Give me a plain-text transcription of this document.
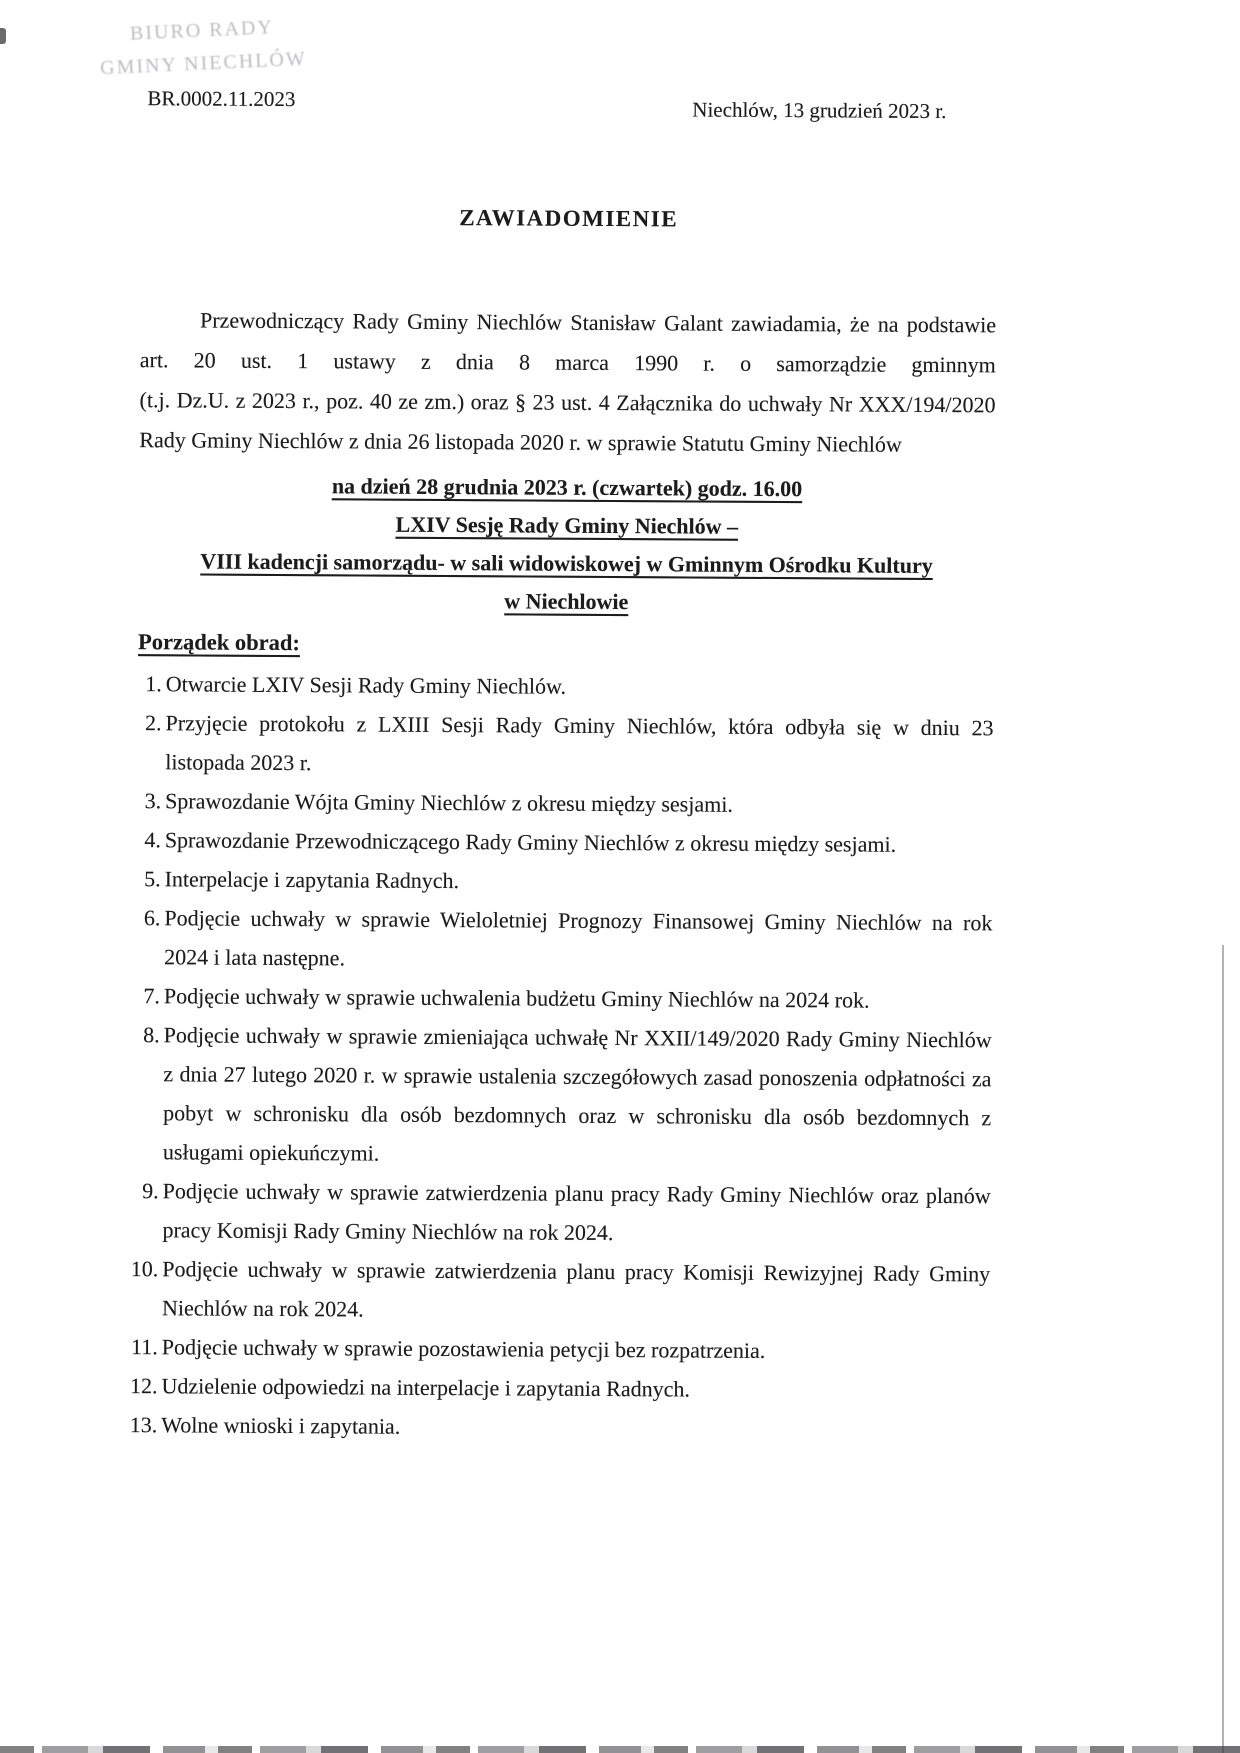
BIURO RADY
GMINY NIECHLÓW
BR.0002.11.2023	Niechlów, 13 grudzień 2023 r.
ZAWIADOMIENIE
Przewodniczący Rady Gminy Niechlów Stanisław Galant zawiadamia, że na podstawie
art. 20 ust. 1 ustawy z dnia 8 marca 1990 r. o samorządzie gminnym
(t.j. Dz.U. z 2023 r., poz. 40 ze zm.) oraz § 23 ust. 4 Załącznika do uchwały Nr XXX/194/2020
Rady Gminy Niechlów z dnia 26 listopada 2020 r. w sprawie Statutu Gminy Niechlów
na dzień 28 grudnia 2023 r. (czwartek) godz. 16.00
LXIV Sesję Rady Gminy Niechlów –
VIII kadencji samorządu- w sali widowiskowej w Gminnym Ośrodku Kultury
w Niechlowie
Porządek obrad:
1. Otwarcie LXIV Sesji Rady Gminy Niechlów.
2. Przyjęcie protokołu z LXIII Sesji Rady Gminy Niechlów, która odbyła się w dniu 23 listopada 2023 r.
3. Sprawozdanie Wójta Gminy Niechlów z okresu między sesjami.
4. Sprawozdanie Przewodniczącego Rady Gminy Niechlów z okresu między sesjami.
5. Interpelacje i zapytania Radnych.
6. Podjęcie uchwały w sprawie Wieloletniej Prognozy Finansowej Gminy Niechlów na rok 2024 i lata następne.
7. Podjęcie uchwały w sprawie uchwalenia budżetu Gminy Niechlów na 2024 rok.
8. Podjęcie uchwały w sprawie zmieniająca uchwałę Nr XXII/149/2020 Rady Gminy Niechlów z dnia 27 lutego 2020 r. w sprawie ustalenia szczegółowych zasad ponoszenia odpłatności za pobyt w schronisku dla osób bezdomnych oraz w schronisku dla osób bezdomnych z usługami opiekuńczymi.
9. Podjęcie uchwały w sprawie zatwierdzenia planu pracy Rady Gminy Niechlów oraz planów pracy Komisji Rady Gminy Niechlów na rok 2024.
10. Podjęcie uchwały w sprawie zatwierdzenia planu pracy Komisji Rewizyjnej Rady Gminy Niechlów na rok 2024.
11. Podjęcie uchwały w sprawie pozostawienia petycji bez rozpatrzenia.
12. Udzielenie odpowiedzi na interpelacje i zapytania Radnych.
13. Wolne wnioski i zapytania.
